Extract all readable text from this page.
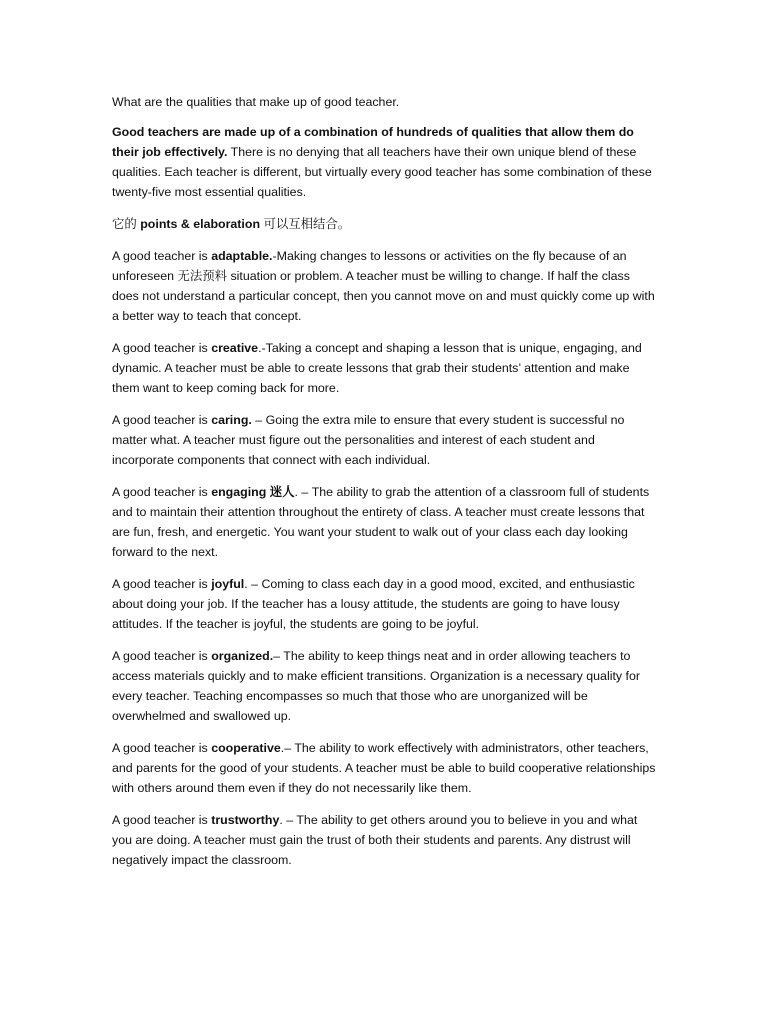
What are the qualities that make up of good teacher.

Good teachers are made up of a combination of hundreds of qualities that allow them do their job effectively. There is no denying that all teachers have their own unique blend of these qualities. Each teacher is different, but virtually every good teacher has some combination of these twenty-five most essential qualities.

它的 points & elaboration 可以互相结合。

A good teacher is adaptable.-Making changes to lessons or activities on the fly because of an unforeseen 无法预料 situation or problem. A teacher must be willing to change. If half the class does not understand a particular concept, then you cannot move on and must quickly come up with a better way to teach that concept.

A good teacher is creative.-Taking a concept and shaping a lesson that is unique, engaging, and dynamic. A teacher must be able to create lessons that grab their students’ attention and make them want to keep coming back for more.

A good teacher is caring. – Going the extra mile to ensure that every student is successful no matter what. A teacher must figure out the personalities and interest of each student and incorporate components that connect with each individual.

A good teacher is engaging 迷人. – The ability to grab the attention of a classroom full of students and to maintain their attention throughout the entirety of class. A teacher must create lessons that are fun, fresh, and energetic. You want your student to walk out of your class each day looking forward to the next.

A good teacher is joyful. – Coming to class each day in a good mood, excited, and enthusiastic about doing your job. If the teacher has a lousy attitude, the students are going to have lousy attitudes. If the teacher is joyful, the students are going to be joyful.

A good teacher is organized.– The ability to keep things neat and in order allowing teachers to access materials quickly and to make efficient transitions. Organization is a necessary quality for every teacher. Teaching encompasses so much that those who are unorganized will be overwhelmed and swallowed up.

A good teacher is cooperative.– The ability to work effectively with administrators, other teachers, and parents for the good of your students. A teacher must be able to build cooperative relationships with others around them even if they do not necessarily like them.

A good teacher is trustworthy. – The ability to get others around you to believe in you and what you are doing. A teacher must gain the trust of both their students and parents. Any distrust will negatively impact the classroom.
